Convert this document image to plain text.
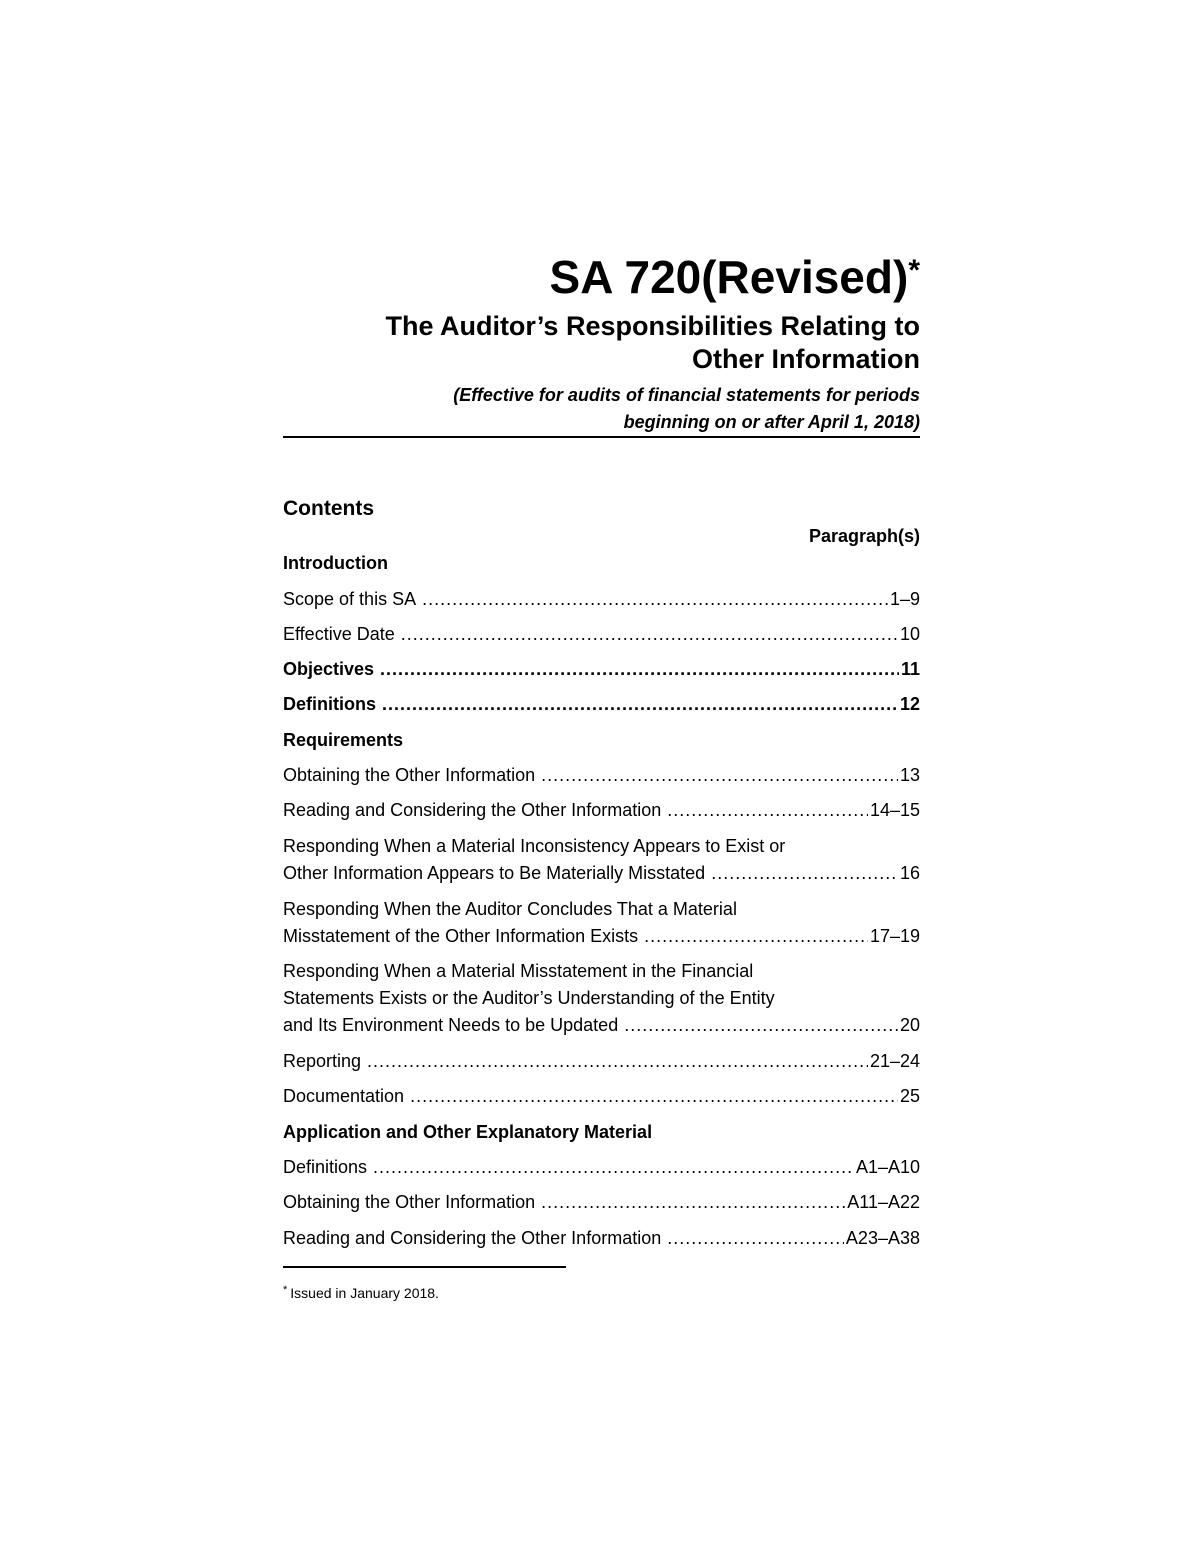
SA 720(Revised)*
The Auditor’s Responsibilities Relating to
Other Information
(Effective for audits of financial statements for periods
beginning on or after April 1, 2018)
Contents
Paragraph(s)
Introduction
Scope of this SA .....	1–9
Effective Date .....	10
Objectives .....	11
Definitions .....	12
Requirements
Obtaining the Other Information .....	13
Reading and Considering the Other Information .....	14–15
Responding When a Material Inconsistency Appears to Exist or
Other Information Appears to Be Materially Misstated .....	16
Responding When the Auditor Concludes That a Material
Misstatement of the Other Information Exists .....	17–19
Responding When a Material Misstatement in the Financial
Statements Exists or the Auditor’s Understanding of the Entity
and Its Environment Needs to be Updated .....	20
Reporting .....	21–24
Documentation .....	25
Application and Other Explanatory Material
Definitions .....	A1–A10
Obtaining the Other Information .....	A11–A22
Reading and Considering the Other Information .....	A23–A38
* Issued in January 2018.
